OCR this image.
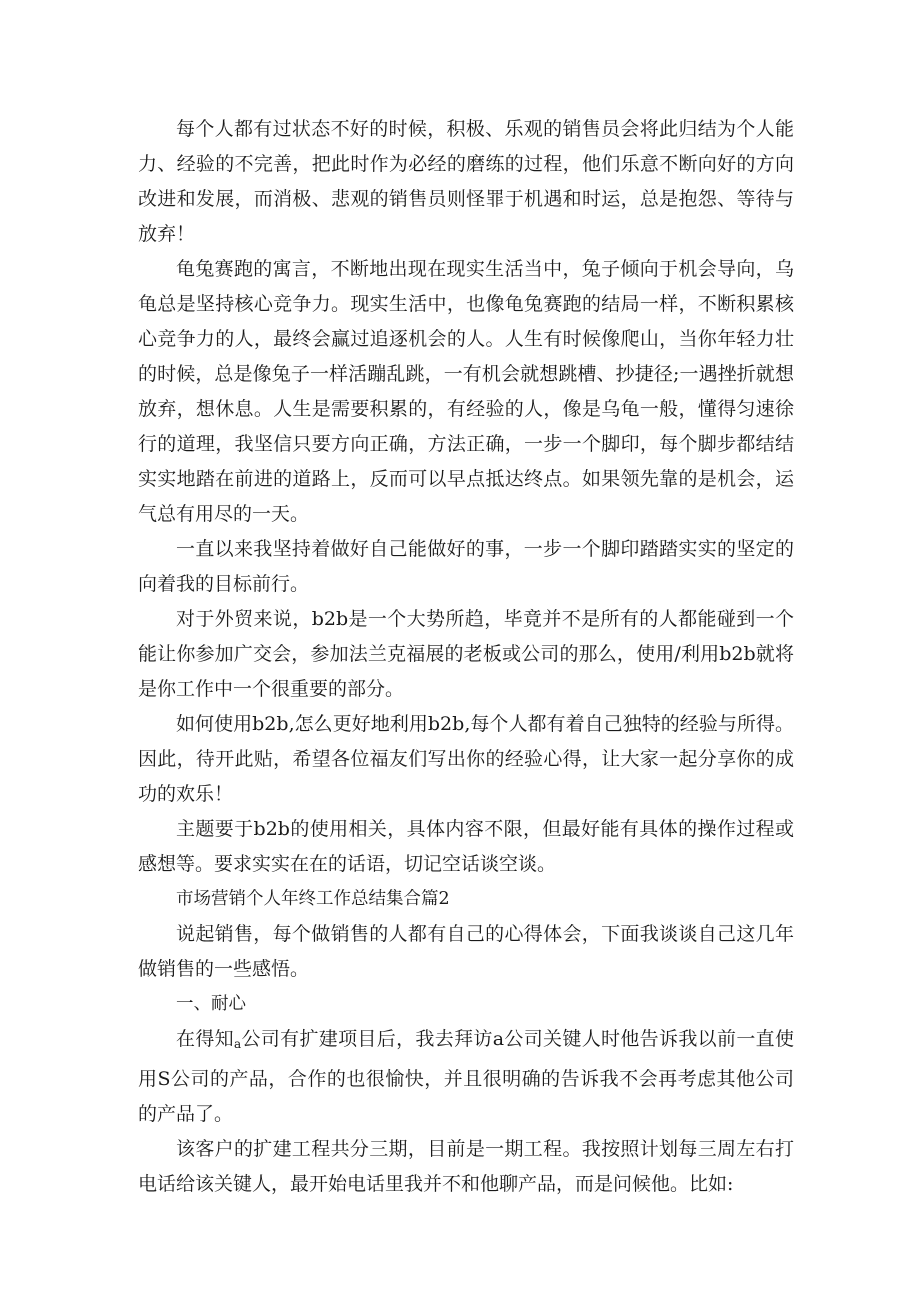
每个人都有过状态不好的时候，积极、乐观的销售员会将此归结为个人能力、经验的不完善，把此时作为必经的磨练的过程，他们乐意不断向好的方向改进和发展，而消极、悲观的销售员则怪罪于机遇和时运，总是抱怨、等待与放弃！

龟兔赛跑的寓言，不断地出现在现实生活当中，兔子倾向于机会导向，乌龟总是坚持核心竞争力。现实生活中，也像龟兔赛跑的结局一样，不断积累核心竞争力的人，最终会赢过追逐机会的人。人生有时候像爬山，当你年轻力壮的时候，总是像兔子一样活蹦乱跳，一有机会就想跳槽、抄捷径;一遇挫折就想放弃，想休息。人生是需要积累的，有经验的人，像是乌龟一般，懂得匀速徐行的道理，我坚信只要方向正确，方法正确，一步一个脚印，每个脚步都结结实实地踏在前进的道路上，反而可以早点抵达终点。如果领先靠的是机会，运气总有用尽的一天。

一直以来我坚持着做好自己能做好的事，一步一个脚印踏踏实实的坚定的向着我的目标前行。

对于外贸来说，b2b是一个大势所趋，毕竟并不是所有的人都能碰到一个能让你参加广交会，参加法兰克福展的老板或公司的那么，使用/利用b2b就将是你工作中一个很重要的部分。

如何使用b2b,怎么更好地利用b2b,每个人都有着自己独特的经验与所得。因此，待开此贴，希望各位福友们写出你的经验心得，让大家一起分享你的成功的欢乐！

主题要于b2b的使用相关，具体内容不限，但最好能有具体的操作过程或感想等。要求实实在在的话语，切记空话谈空谈。

市场营销个人年终工作总结集合篇2

说起销售，每个做销售的人都有自己的心得体会，下面我谈谈自己这几年做销售的一些感悟。

一、耐心

在得知a公司有扩建项目后，我去拜访a公司关键人时他告诉我以前一直使用S公司的产品，合作的也很愉快，并且很明确的告诉我不会再考虑其他公司的产品了。

该客户的扩建工程共分三期，目前是一期工程。我按照计划每三周左右打电话给该关键人，最开始电话里我并不和他聊产品，而是问候他。比如:
